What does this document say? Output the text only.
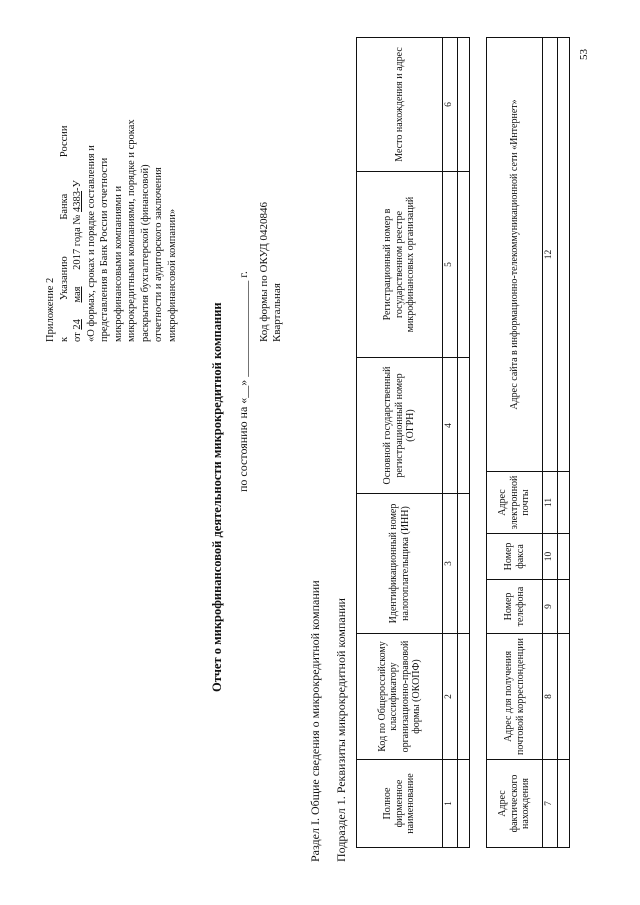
53
Приложение 2 к Указанию Банка России от 24 мая 2017 года № 4383-У «О формах, сроках и порядке составления и представления в Банк России отчетности микрофинансовыми компаниями и микрокредитными компаниями, порядке и сроках раскрытия бухгалтерской (финансовой) отчетности и аудиторского заключения микрофинансовой компании»
Отчет о микрофинансовой деятельности микрокредитной компании по состоянию на «__» ________________ г. Код формы по ОКУД 0420846 Квартальная
Раздел I. Общие сведения о микрокредитной компании Подраздел 1. Реквизиты микрокредитной компании	Полное фирменное наименование	Код по Общероссийскому классификатору организационно-правовой формы (ОКОПФ)	Идентификационный номер налогоплательщика (ИНН)	Основной государственный регистрационный номер (ОГРН)	Регистрационный номер в государственном реестре микрофинансовых организаций	Место нахождения и адрес
1	2	3	4	5	6

Адрес фактического нахождения	Адрес для получения почтовой корреспонденции	Номер телефона	Номер факса	Адрес электронной почты	Адрес сайта в информационно-телекоммуникационной сети «Интернет»
7	8	9	10	11	12
